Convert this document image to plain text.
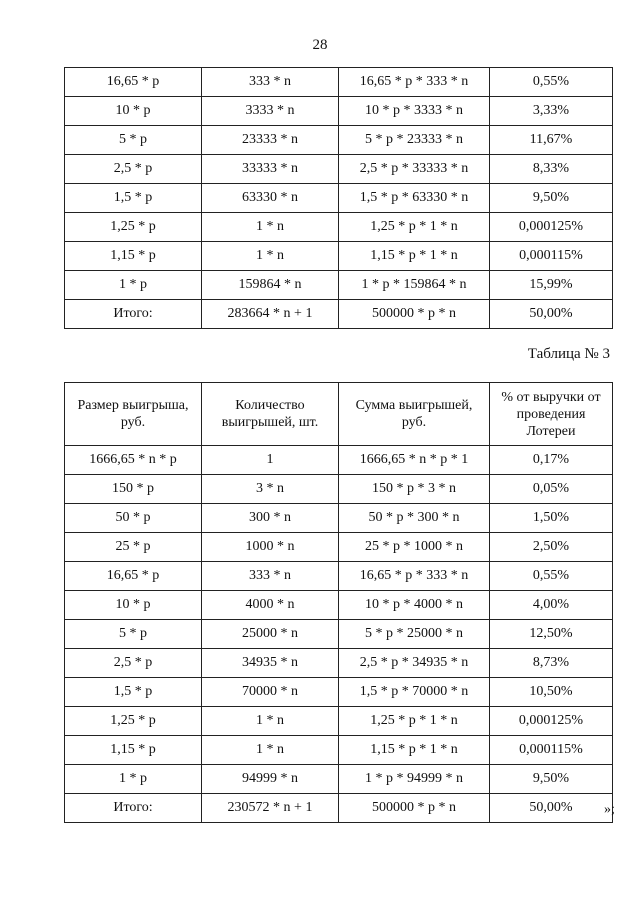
28
16,65 * p	333 * n	16,65 * p * 333 * n	0,55%
10 * p	3333 * n	10 * p * 3333 * n	3,33%
5 * p	23333 * n	5 * p * 23333 * n	11,67%
2,5 * p	33333 * n	2,5 * p * 33333 * n	8,33%
1,5 * p	63330 * n	1,5 * p * 63330 * n	9,50%
1,25 * p	1 * n	1,25 * p * 1 * n	0,000125%
1,15 * p	1 * n	1,15 * p * 1 * n	0,000115%
1 * p	159864 * n	1 * p * 159864 * n	15,99%
Итого:	283664 * n + 1	500000 * p * n	50,00%
Таблица № 3
Размер выигрыша, руб.	Количество выигрышей, шт.	Сумма выигрышей, руб.	% от выручки от проведения Лотереи
1666,65 * n * p	1	1666,65 * n * p * 1	0,17%
150 * p	3 * n	150 * p * 3 * n	0,05%
50 * p	300 * n	50 * p * 300 * n	1,50%
25 * p	1000 * n	25 * p * 1000 * n	2,50%
16,65 * p	333 * n	16,65 * p * 333 * n	0,55%
10 * p	4000 * n	10 * p * 4000 * n	4,00%
5 * p	25000 * n	5 * p * 25000 * n	12,50%
2,5 * p	34935 * n	2,5 * p * 34935 * n	8,73%
1,5 * p	70000 * n	1,5 * p * 70000 * n	10,50%
1,25 * p	1 * n	1,25 * p * 1 * n	0,000125%
1,15 * p	1 * n	1,15 * p * 1 * n	0,000115%
1 * p	94999 * n	1 * p * 94999 * n	9,50%
Итого:	230572 * n + 1	500000 * p * n	50,00% »;
